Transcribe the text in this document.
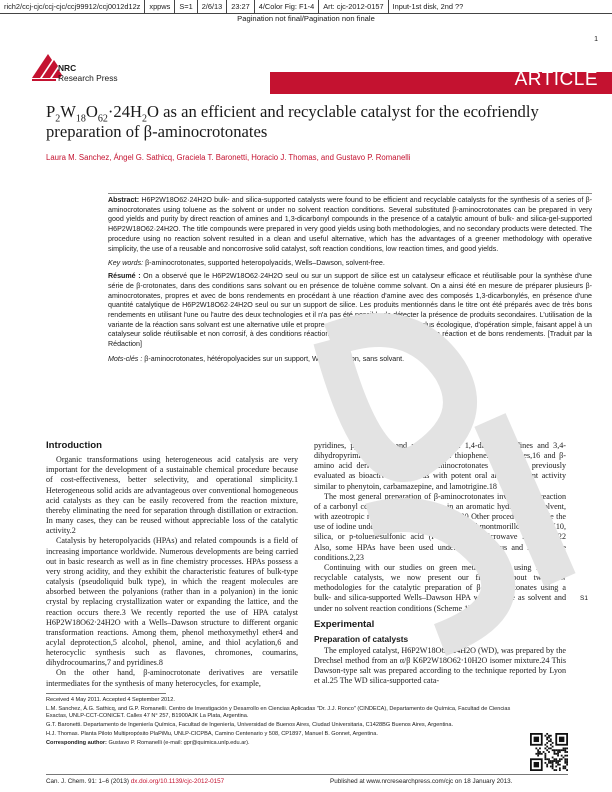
rich2/ccj-cjc/ccj-cjc/ccj99912/ccj0012d12z	xppws	S=1	2/6/13	23:27	4/Color Fig: F1-4	Art: cjc-2012-0157	Input-1st disk, 2nd ??
Pagination not final/Pagination non finale
1
NRC
Research Press	ARTICLE
$P_2W_{18}O_{62}\cdot 24H_2O$ as an efficient and recyclable catalyst for the ecofriendly preparation of β-aminocrotonates
Laura M. Sanchez, Ángel G. Sathicq, Graciela T. Baronetti, Horacio J. Thomas, and Gustavo P. Romanelli

Abstract: H6P2W18O62·24H2O bulk- and silica-supported catalysts were found to be efficient and recyclable catalysts for the synthesis of a series of β-aminocrotonates using toluene as the solvent or under no solvent reaction conditions. Several substituted β-aminocrotonates can be prepared in very good yields and purity by direct reaction of amines and 1,3-dicarbonyl compounds in the presence of a catalytic amount of bulk- and silica-gel-supported H6P2W18O62·24H2O. The title compounds were prepared in very good yields using both methodologies, and no secondary products were detected. The procedure using no reaction solvent resulted in a clean and useful alternative, which has the advantages of a greener methodology with operative simplicity, the use of a reusable and noncorrosive solid catalyst, soft reaction conditions, low reaction times, and good yields.

Key words: β-aminocrotonates, supported heteropolyacids, Wells–Dawson, solvent-free.

Résumé : On a observé que le H6P2W18O62·24H2O seul ou sur un support de silice est un catalyseur efficace et réutilisable pour la synthèse d'une série de β-crotonates, dans des conditions sans solvant ou en présence de toluène comme solvant. On a ainsi été en mesure de préparer plusieurs β-aminocrotonates, propres et avec de bons rendements en procédant à une réaction d'amine avec des composés 1,3-dicarbonylés, en présence d'une quantité catalytique de H6P2W18O62·24H2O seul ou sur un support de silice. Les produits mentionnés dans le titre ont été préparés avec de très bons rendements en utilisant l'une ou l'autre des deux technologies et il n'a pas été possible de détecter la présence de produits secondaires. L'utilisation de la variante de la réaction sans solvant est une alternative utile et propre qui présente l'avantage d'être plus écologique, d'opération simple, faisant appel à un catalyseur solide réutilisable et non corrosif, à des conditions réactionnelles douces, de faibles temps de réaction et de bons rendements. [Traduit par la Rédaction]

Mots-clés : β-aminocrotonates, hétéropolyacides sur un support, Wells–Dawson, sans solvant.

Introduction

Organic transformations using heterogeneous acid catalysis are very important for the development of a sustainable chemical procedure because of cost-effectiveness, better selectivity, and operational simplicity.1 Heterogeneous solid acids are advantageous over conventional homogeneous acid catalysts as they can be easily recovered from the reaction mixture, thereby eliminating the need for separation through distillation or extraction. In many cases, they can be reused without appreciable loss of the catalytic activity.2

Catalysis by heteropolyacids (HPAs) and related compounds is a field of increasing importance worldwide. Numerous developments are being carried out in basic research as well as in fine chemistry processes. HPAs possess a very strong acidity, and they exhibit the characteristic features of bulk-type catalysis (pseudoliquid bulk type), in which the reagent molecules are absorbed between the polyanions (rather than in a polyanion) in the ionic crystal by replacing crystallization water or expanding the lattice, and the reaction occurs there.3 We recently reported the use of HPA catalyst H6P2W18O62·24H2O with a Wells–Dawson structure to different organic transformation reactions. Among them, phenol methoxymethyl ether4 and acylal deprotection,5 alcohol, phenol, amine, and thiol acylation,6 and heterocyclic synthesis such as flavones, chromones, coumarins, dihydrocoumarins,7 and pyridines.8

On the other hand, β-aminocrotonate derivatives are versatile intermediates for the synthesis of many heterocycles, for example,

pyridines, pyrimidines, and pyrazoles,9–12 1,4-dihydropyridines and 3,4-dihydropyrimidines,13,14 tetrasubstituted thiophenes,15 pyrroles,16 and β-amino acid derivatives.17 Also, β-aminocrotonates have been previously evaluated as bioactive compounds with potent oral anticonvulsant activity similar to phenytoin, carbamazepine, and lamotrigine.18

The most general preparation of β-aminocrotonates involves the reaction of a carbonyl compound with an amine in an aromatic hydrocarbon solvent, with azeotropic removal of formed water.19,20 Other procedures include the use of iodine under solvent-free conditions,21 and montmorillonite clay K10, silica, or p-toluenesulfonic acid (PTSA) under microwave irradiation.22 Also, some HPAs have been used under heterogeneous and solvent-free conditions.2,23

Continuing with our studies on green methodologies using HPAs as recyclable catalysts, we now present our findings about two new methodologies for the catalytic preparation of β-aminocrotonates using a bulk- and silica-supported Wells–Dawson HPA with toluene as solvent and under no solvent reaction conditions (Scheme 1).

Experimental
Preparation of catalysts

The employed catalyst, H6P2W18O62·24H2O (WD), was prepared by the Drechsel method from an α/β K6P2W18O62·10H2O isomer mixture.24 This Dawson-type salt was prepared according to the technique reported by Lyon et al.25 The WD silica-supported cata-

S1

Received 4 May 2011. Accepted 4 September 2012.

L.M. Sanchez, Á.G. Sathicq, and G.P. Romanelli. Centro de Investigación y Desarrollo en Ciencias Aplicadas "Dr. J.J. Ronco" (CINDECA), Departamento de Química, Facultad de Ciencias Exactas, UNLP-CCT-CONICET. Calles 47 N° 257, B1900AJK La Plata, Argentina.

G.T. Baronetti. Departamento de Ingeniería Química, Facultad de Ingeniería, Universidad de Buenos Aires, Ciudad Universitaria, C1428BG Buenos Aires, Argentina.

H.J. Thomas. Planta Piloto Multipropósito PlaPiMu, UNLP-CICPBA, Camino Centenario y 508, CP1897, Manuel B. Gonnet, Argentina.

Corresponding author: Gustavo P. Romanelli (e-mail: gpr@quimica.unlp.edu.ar).

Can. J. Chem. 91: 1–6 (2013) dx.doi.org/10.1139/cjc-2012-0157	Published at www.nrcresearchpress.com/cjc on 18 January 2013.
